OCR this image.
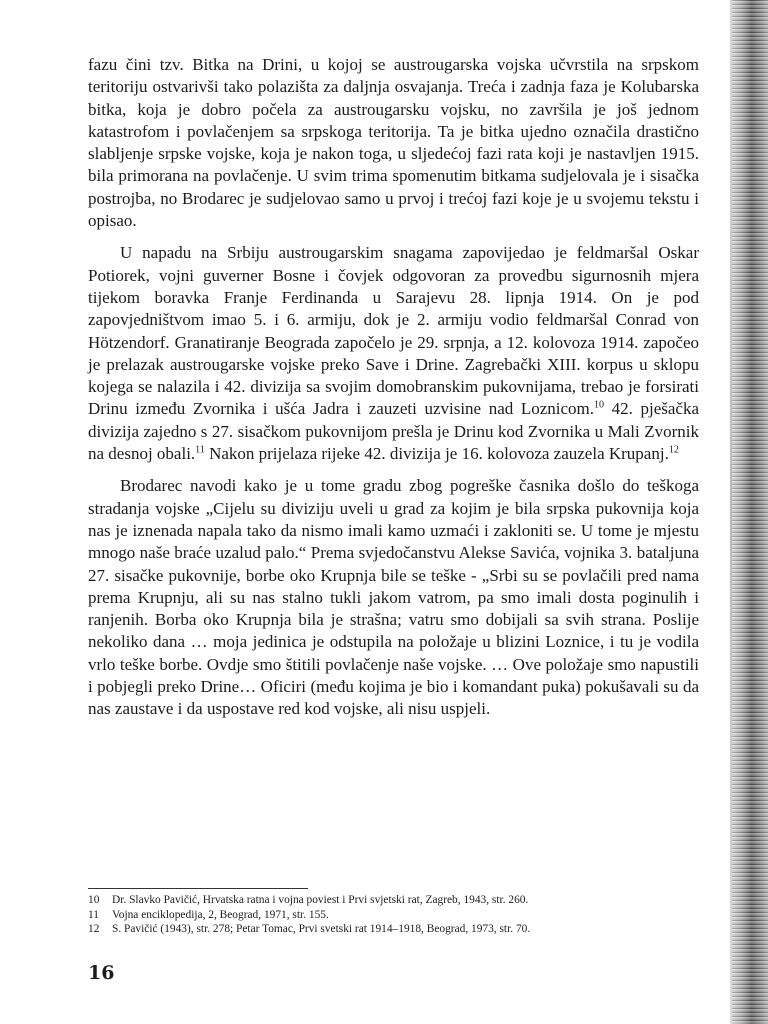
fazu čini tzv. Bitka na Drini, u kojoj se austrougarska vojska učvrstila na srpskom teritoriju ostvarivši tako polazišta za daljnja osvajanja. Treća i zadnja faza je Kolubarska bitka, koja je dobro počela za austrougarsku vojsku, no završila je još jednom katastrofom i povlačenjem sa srpskoga teritorija. Ta je bitka ujedno označila drastično slabljenje srpske vojske, koja je nakon toga, u sljedećoj fazi rata koji je nastavljen 1915. bila primorana na povlačenje. U svim trima spomenutim bitkama sudjelovala je i sisačka postrojba, no Brodarec je sudjelovao samo u prvoj i trećoj fazi koje je u svojemu tekstu i opisao.

U napadu na Srbiju austrougarskim snagama zapovijedao je feldmaršal Oskar Potiorek, vojni guverner Bosne i čovjek odgovoran za provedbu sigurnosnih mjera tijekom boravka Franje Ferdinanda u Sarajevu 28. lipnja 1914. On je pod zapovjedništvom imao 5. i 6. armiju, dok je 2. armiju vodio feldmaršal Conrad von Hötzendorf. Granatiranje Beograda započelo je 29. srpnja, a 12. kolovoza 1914. započeo je prelazak austrougarske vojske preko Save i Drine. Zagrebački XIII. korpus u sklopu kojega se nalazila i 42. divizija sa svojim domobranskim pukovnijama, trebao je forsirati Drinu između Zvornika i ušća Jadra i zauzeti uzvisine nad Loznicom.$^{10}$ 42. pješačka divizija zajedno s 27. sisačkom pukovnijom prešla je Drinu kod Zvornika u Mali Zvornik na desnoj obali.$^{11}$ Nakon prijelaza rijeke 42. divizija je 16. kolovoza zauzela Krupanj.$^{12}$

Brodarec navodi kako je u tome gradu zbog pogreške časnika došlo do teškoga stradanja vojske „Cijelu su diviziju uveli u grad za kojim je bila srpska pukovnija koja nas je iznenada napala tako da nismo imali kamo uzmaći i zakloniti se. U tome je mjestu mnogo naše braće uzalud palo.“ Prema svjedočanstvu Alekse Savića, vojnika 3. bataljuna 27. sisačke pukovnije, borbe oko Krupnja bile se teške - „Srbi su se povlačili pred nama prema Krupnju, ali su nas stalno tukli jakom vatrom, pa smo imali dosta poginulih i ranjenih. Borba oko Krupnja bila je strašna; vatru smo dobijali sa svih strana. Poslije nekoliko dana … moja jedinica je odstupila na položaje u blizini Loznice, i tu je vodila vrlo teške borbe. Ovdje smo štitili povlačenje naše vojske. … Ove položaje smo napustili i pobjegli preko Drine… Oficiri (među kojima je bio i komandant puka) pokušavali su da nas zaustave i da uspostave red kod vojske, ali nisu uspjeli.

10 Dr. Slavko Pavičić, Hrvatska ratna i vojna poviest i Prvi svjetski rat, Zagreb, 1943, str. 260.
11 Vojna enciklopedija, 2, Beograd, 1971, str. 155.
12 S. Pavičić (1943), str. 278; Petar Tomac, Prvi svetski rat 1914–1918, Beograd, 1973, str. 70.
16
